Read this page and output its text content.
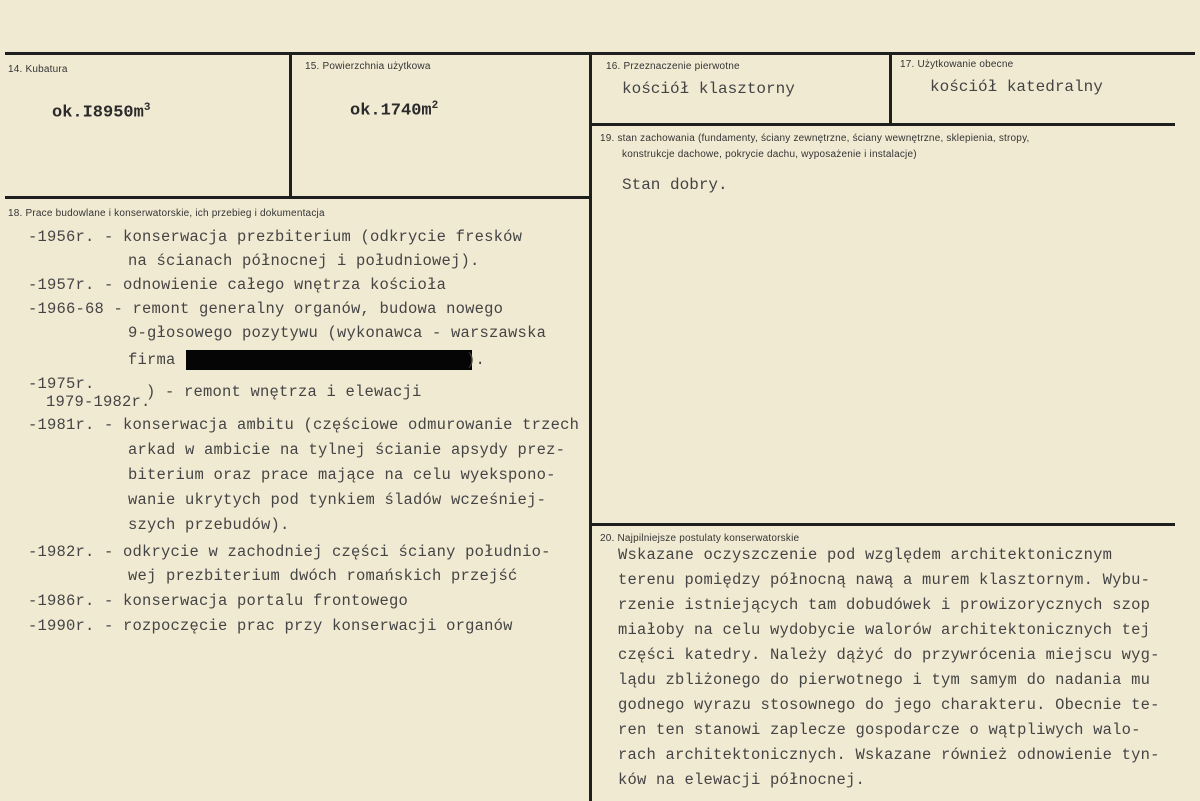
14. Kubatura
$ok.I8950m^3$
15. Powierzchnia użytkowa
$ok.1740m^2$
16. Przeznaczenie pierwotne
kościół klasztorny
17. Użytkowanie obecne
kościół katedralny
18. Prace budowlane i konserwatorskie, ich przebieg i dokumentacja
-1956r. - konserwacja prezbiterium (odkrycie fresków
na ścianach północnej i południowej).
-1957r. - odnowienie całego wnętrza kościoła
-1966-68 - remont generalny organów, budowa nowego
9-głosowego pozytywu (wykonawca - warszawska
firma	).
-1975r.
1979-1982r.
) - remont wnętrza i elewacji
-1981r. - konserwacja ambitu (częściowe odmurowanie trzech
arkad w ambicie na tylnej ścianie apsydy prez-
biterium oraz prace mające na celu wyekspono-
wanie ukrytych pod tynkiem śladów wcześniej-
szych przebudów).
-1982r. - odkrycie w zachodniej części ściany południo-
wej prezbiterium dwóch romańskich przejść
-1986r. - konserwacja portalu frontowego
-1990r. - rozpoczęcie prac przy konserwacji organów
19. stan zachowania (fundamenty, ściany zewnętrzne, ściany wewnętrzne, sklepienia, stropy,
konstrukcje dachowe, pokrycie dachu, wyposażenie i instalacje)
Stan dobry.
20. Najpilniejsze postulaty konserwatorskie
Wskazane oczyszczenie pod względem architektonicznym
terenu pomiędzy północną nawą a murem klasztornym. Wybu-
rzenie istniejących tam dobudówek i prowizorycznych szop
miałoby na celu wydobycie walorów architektonicznych tej
części katedry. Należy dążyć do przywrócenia miejscu wyg-
lądu zbliżonego do pierwotnego i tym samym do nadania mu
godnego wyrazu stosownego do jego charakteru. Obecnie te-
ren ten stanowi zaplecze gospodarcze o wątpliwych walo-
rach architektonicznych. Wskazane również odnowienie tyn-
ków na elewacji północnej.
